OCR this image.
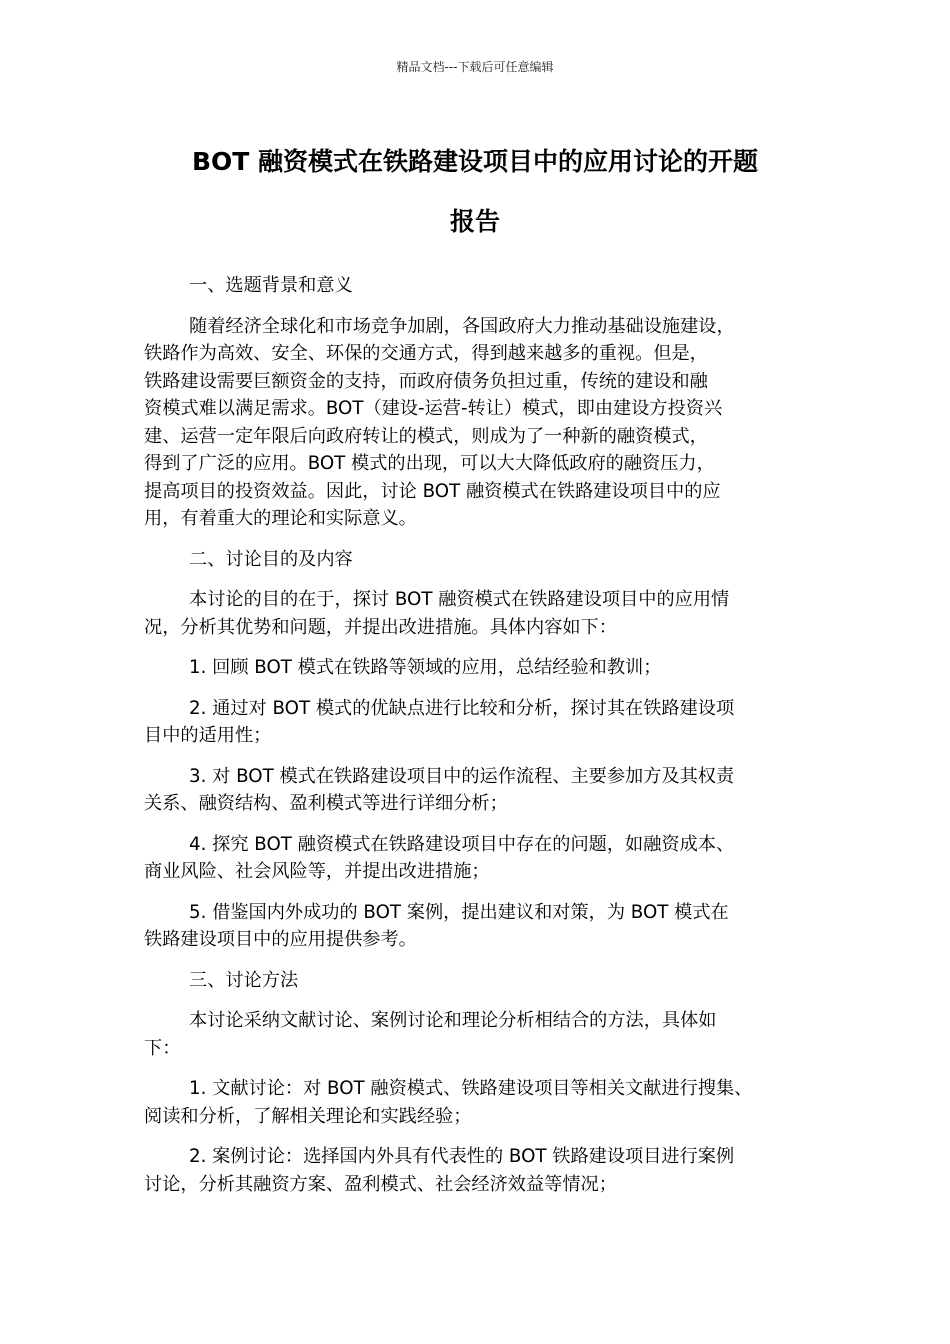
精品文档---下载后可任意编辑
BOT 融资模式在铁路建设项目中的应用讨论的开题
报告
一、选题背景和意义
随着经济全球化和市场竞争加剧，各国政府大力推动基础设施建设，
铁路作为高效、安全、环保的交通方式，得到越来越多的重视。但是，
铁路建设需要巨额资金的支持，而政府债务负担过重，传统的建设和融
资模式难以满足需求。BOT（建设-运营-转让）模式，即由建设方投资兴
建、运营一定年限后向政府转让的模式，则成为了一种新的融资模式，
得到了广泛的应用。BOT 模式的出现，可以大大降低政府的融资压力，
提高项目的投资效益。因此，讨论 BOT 融资模式在铁路建设项目中的应
用，有着重大的理论和实际意义。
二、讨论目的及内容
本讨论的目的在于，探讨 BOT 融资模式在铁路建设项目中的应用情
况，分析其优势和问题，并提出改进措施。具体内容如下：
1. 回顾 BOT 模式在铁路等领域的应用，总结经验和教训；
2. 通过对 BOT 模式的优缺点进行比较和分析，探讨其在铁路建设项
目中的适用性；
3. 对 BOT 模式在铁路建设项目中的运作流程、主要参加方及其权责
关系、融资结构、盈利模式等进行详细分析；
4. 探究 BOT 融资模式在铁路建设项目中存在的问题，如融资成本、
商业风险、社会风险等，并提出改进措施；
5. 借鉴国内外成功的 BOT 案例，提出建议和对策，为 BOT 模式在
铁路建设项目中的应用提供参考。
三、讨论方法
本讨论采纳文献讨论、案例讨论和理论分析相结合的方法，具体如
下：
1. 文献讨论：对 BOT 融资模式、铁路建设项目等相关文献进行搜集、
阅读和分析，了解相关理论和实践经验；
2. 案例讨论：选择国内外具有代表性的 BOT 铁路建设项目进行案例
讨论，分析其融资方案、盈利模式、社会经济效益等情况；
